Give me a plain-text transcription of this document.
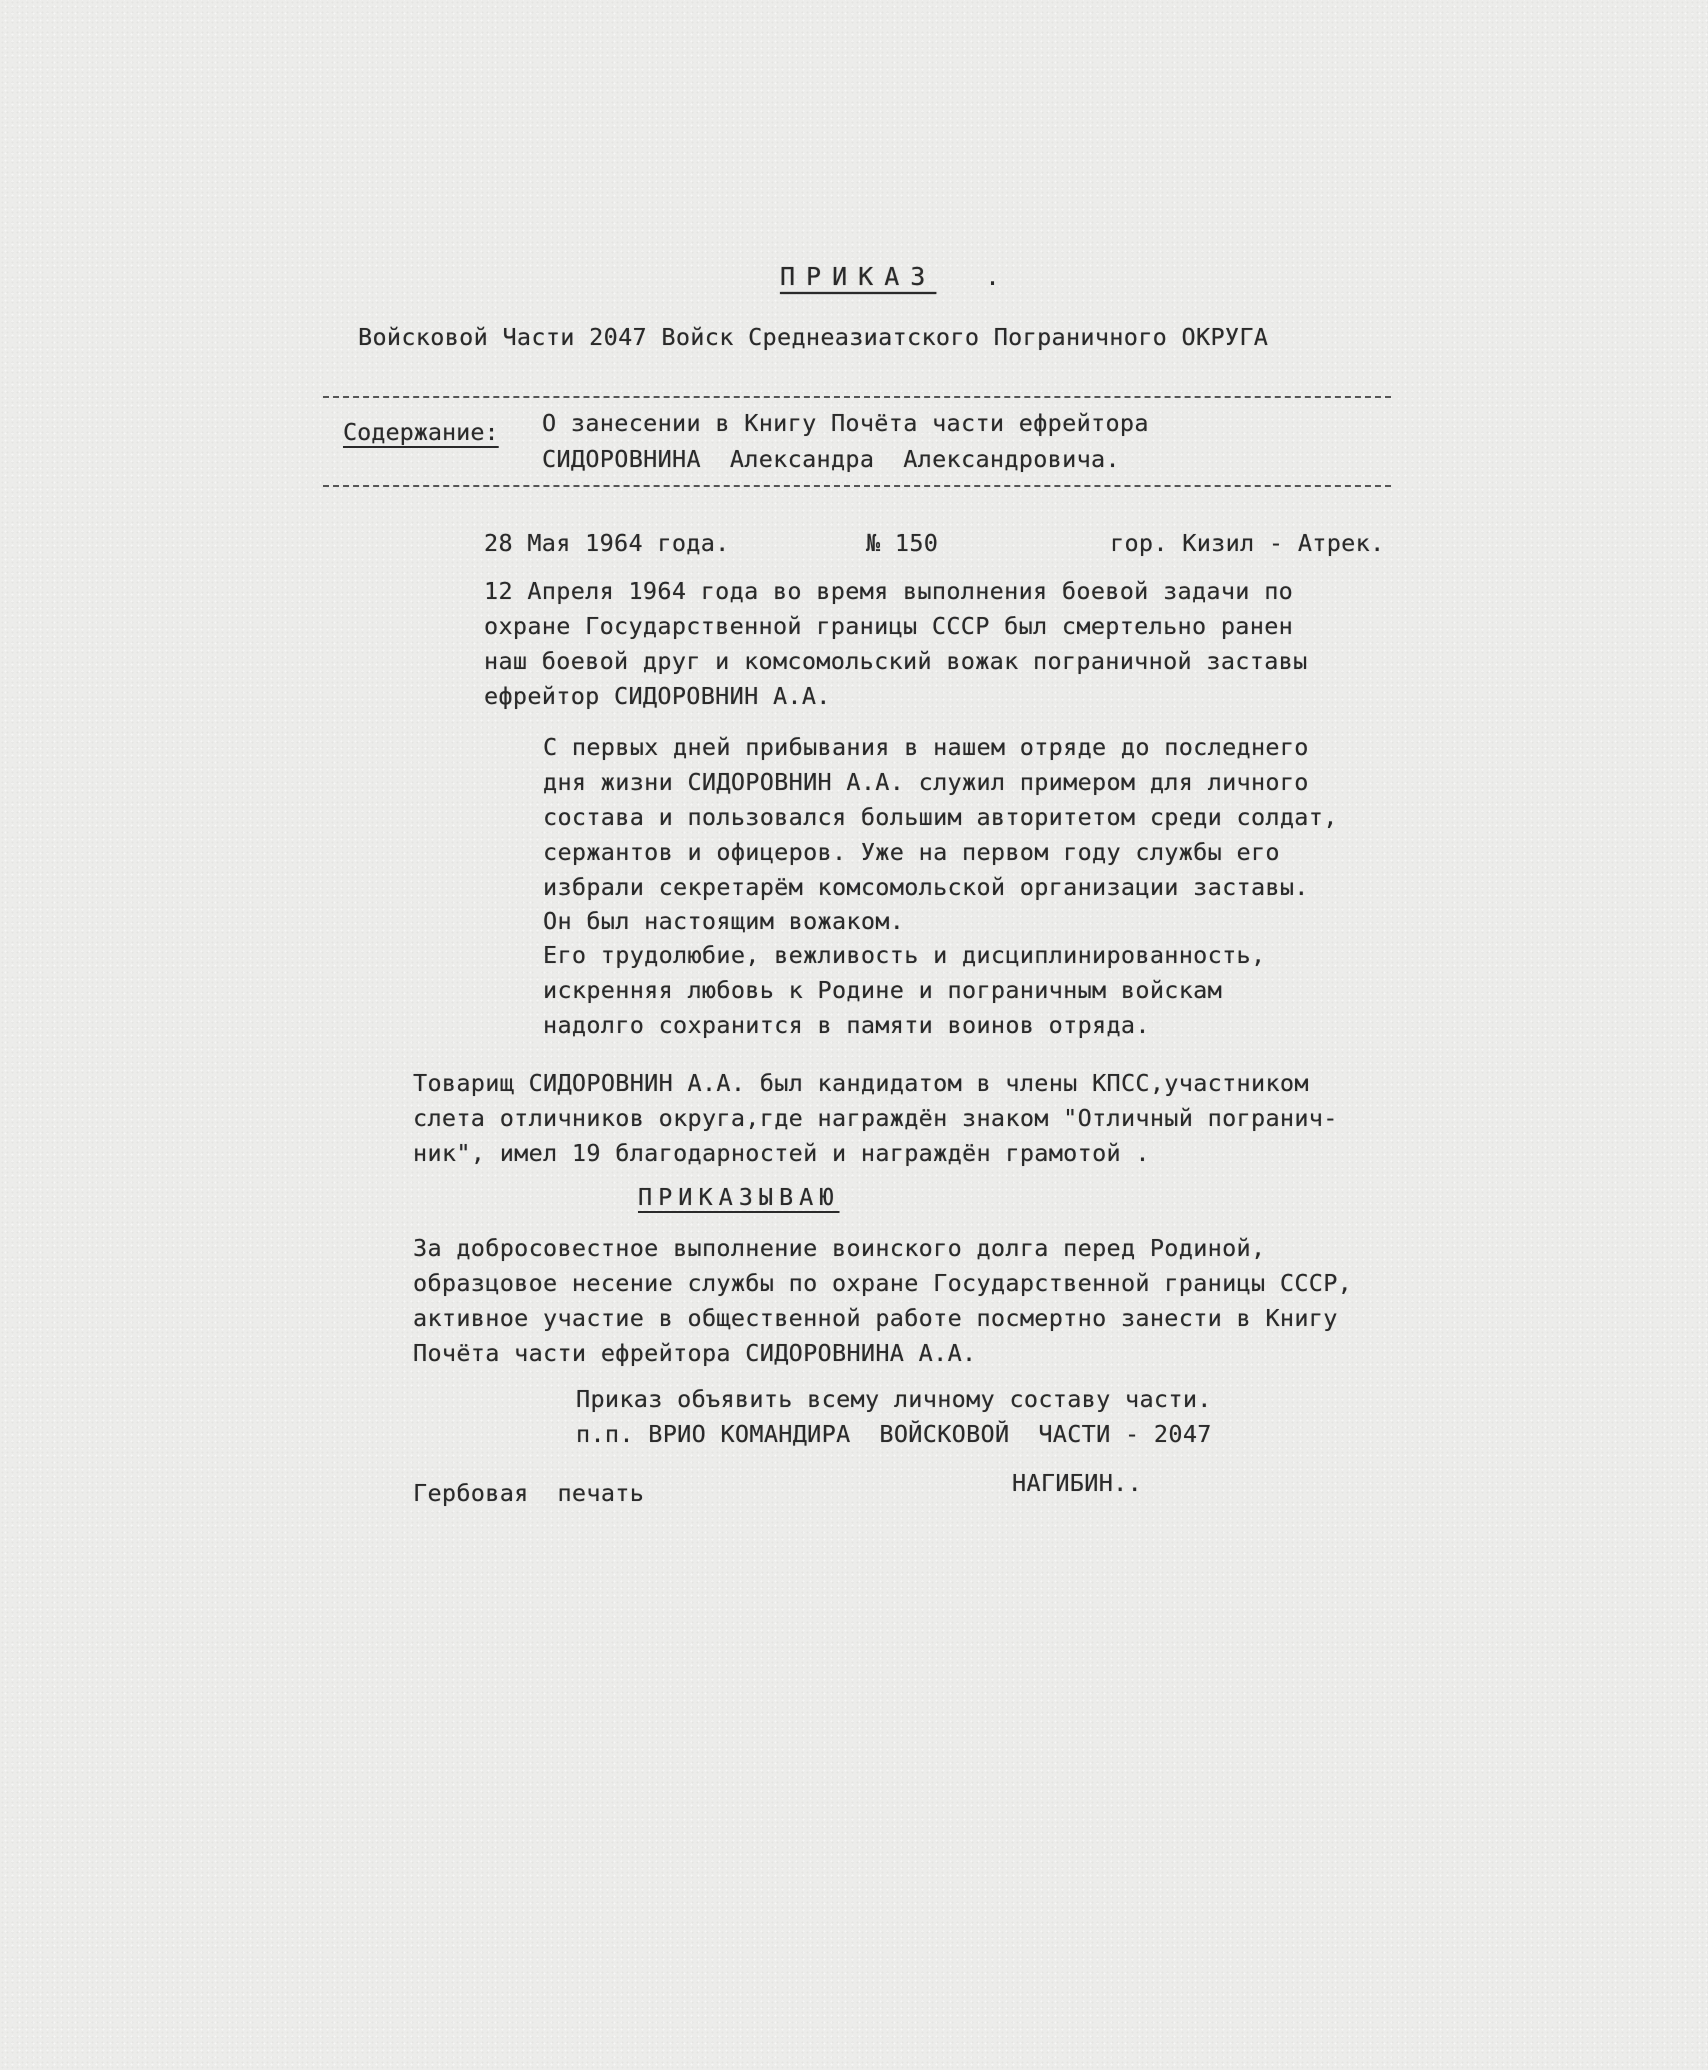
ПРИКАЗ .
Войсковой Части 2047 Войск Среднеазиатского Пограничного ОКРУГА
Содержание: О занесении в Книгу Почёта части ефрейтора
СИДОРОВНИНА  Александра  Александровича.
28 Мая 1964 года.	№ 150	гор. Кизил - Атрек.
12 Апреля 1964 года во время выполнения боевой задачи по
охране Государственной границы СССР был смертельно ранен
наш боевой друг и комсомольский вожак пограничной заставы
ефрейтор СИДОРОВНИН А.А.
С первых дней прибывания в нашем отряде до последнего
дня жизни СИДОРОВНИН А.А. служил примером для личного
состава и пользовался большим авторитетом среди солдат,
сержантов и офицеров. Уже на первом году службы его
избрали секретарём комсомольской организации заставы.
Он был настоящим вожаком.
Его трудолюбие, вежливость и дисциплинированность,
искренняя любовь к Родине и пограничным войскам
надолго сохранится в памяти воинов отряда.
Товарищ СИДОРОВНИН А.А. был кандидатом в члены КПСС,участником
слета отличников округа,где награждён знаком "Отличный погранич-
ник", имел 19 благодарностей и награждён грамотой .
ПРИКАЗЫВАЮ
За добросовестное выполнение воинского долга перед Родиной,
образцовое несение службы по охране Государственной границы СССР,
активное участие в общественной работе посмертно занести в Книгу
Почёта части ефрейтора СИДОРОВНИНА А.А.
Приказ объявить всему личному составу части.
п.п. ВРИО КОМАНДИРА  ВОЙСКОВОЙ  ЧАСТИ - 2047
Гербовая  печать	НАГИБИН..
